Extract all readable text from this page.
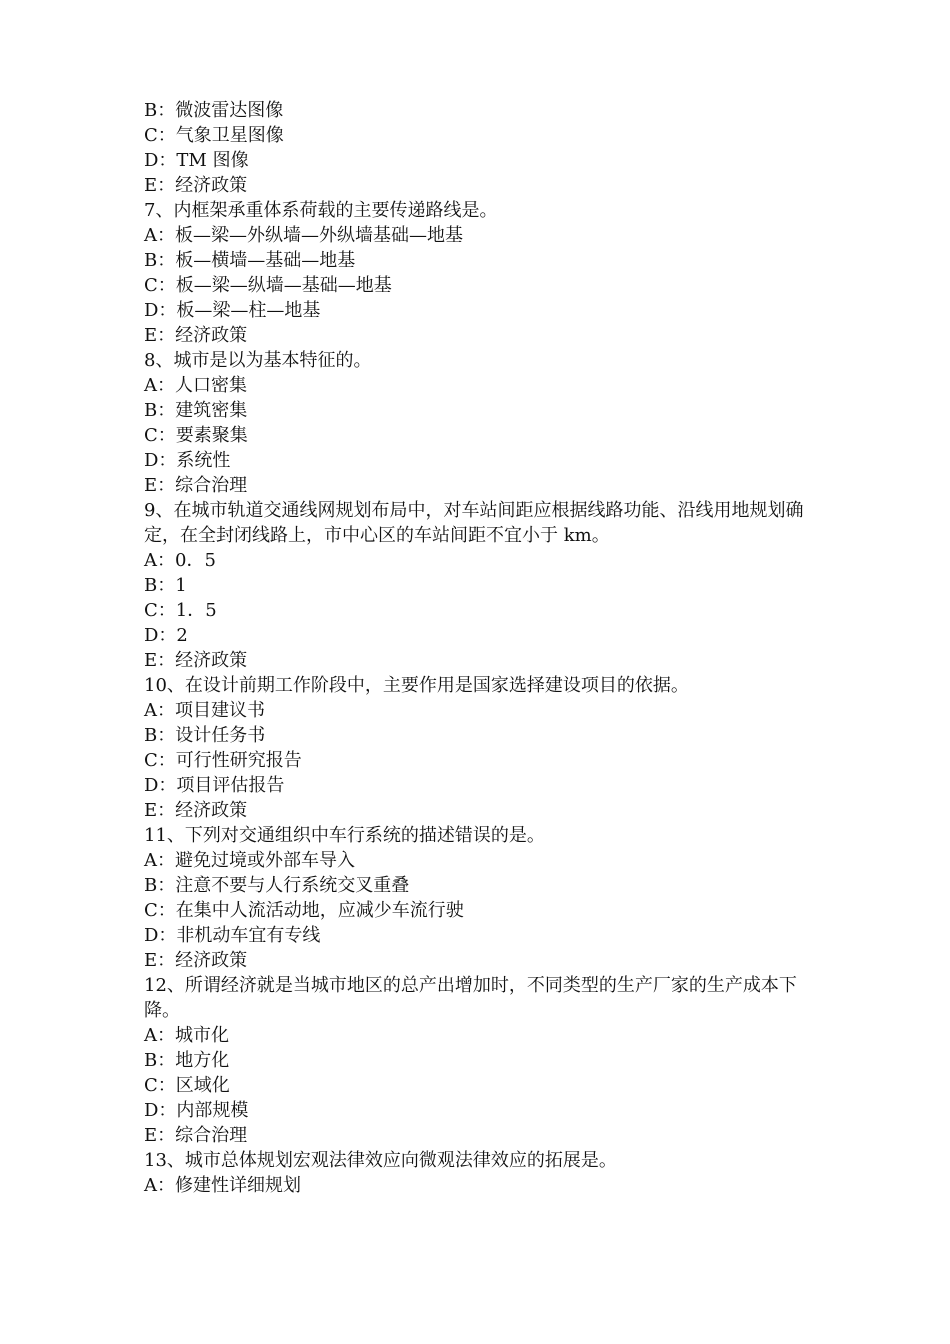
B：微波雷达图像
C：气象卫星图像
D：TM 图像
E：经济政策
7、内框架承重体系荷载的主要传递路线是。
A：板—梁—外纵墙—外纵墙基础—地基
B：板—横墙—基础—地基
C：板—梁—纵墙—基础—地基
D：板—梁—柱—地基
E：经济政策
8、城市是以为基本特征的。
A：人口密集
B：建筑密集
C：要素聚集
D：系统性
E：综合治理
9、在城市轨道交通线网规划布局中，对车站间距应根据线路功能、沿线用地规划确定，在全封闭线路上，市中心区的车站间距不宜小于 km。
A：0．5
B：1
C：1．5
D：2
E：经济政策
10、在设计前期工作阶段中，主要作用是国家选择建设项目的依据。
A：项目建议书
B：设计任务书
C：可行性研究报告
D：项目评估报告
E：经济政策
11、下列对交通组织中车行系统的描述错误的是。
A：避免过境或外部车导入
B：注意不要与人行系统交叉重叠
C：在集中人流活动地，应减少车流行驶
D：非机动车宜有专线
E：经济政策
12、所谓经济就是当城市地区的总产出增加时，不同类型的生产厂家的生产成本下降。
A：城市化
B：地方化
C：区域化
D：内部规模
E：综合治理
13、城市总体规划宏观法律效应向微观法律效应的拓展是。
A：修建性详细规划
